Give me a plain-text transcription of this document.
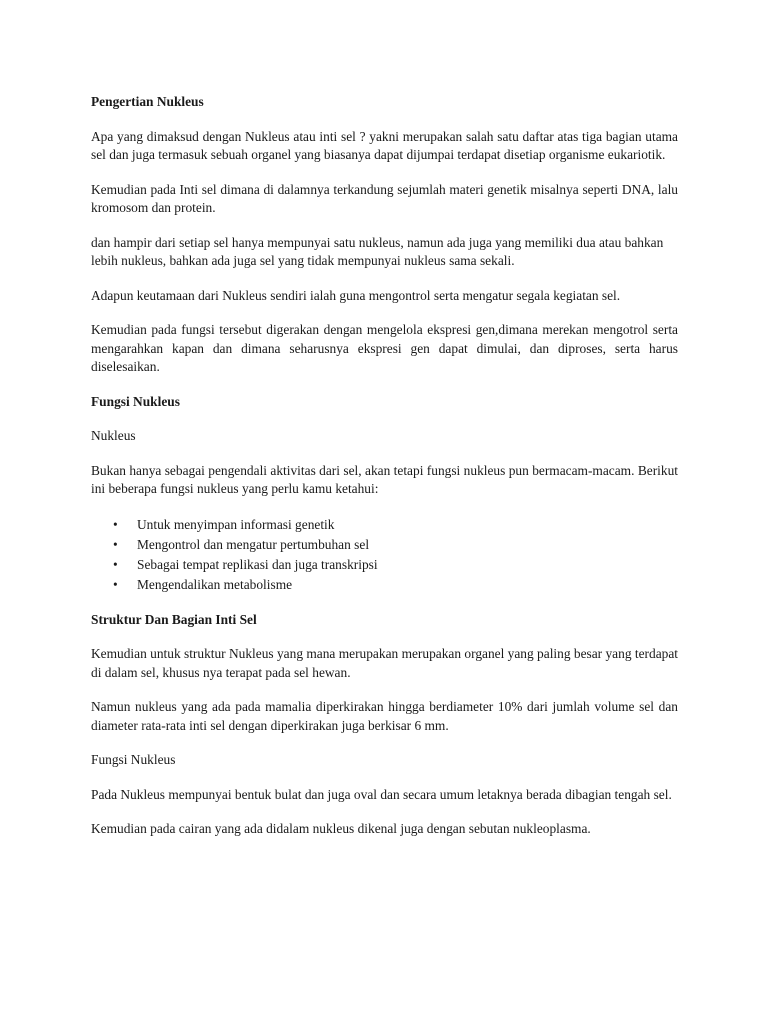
Pengertian Nukleus

Apa yang dimaksud dengan Nukleus atau inti sel ? yakni merupakan salah satu daftar atas tiga bagian utama sel dan juga termasuk sebuah organel yang biasanya dapat dijumpai terdapat disetiap organisme eukariotik.

Kemudian pada Inti sel dimana di dalamnya terkandung sejumlah materi genetik misalnya seperti DNA, lalu kromosom dan protein.

dan hampir dari setiap sel hanya mempunyai satu nukleus, namun ada juga yang memiliki dua atau bahkan lebih nukleus, bahkan ada juga sel yang tidak mempunyai nukleus sama sekali.

Adapun keutamaan dari Nukleus sendiri ialah guna mengontrol serta mengatur segala kegiatan sel.

Kemudian pada fungsi tersebut digerakan dengan mengelola ekspresi gen,dimana merekan mengotrol serta mengarahkan kapan dan dimana seharusnya ekspresi gen dapat dimulai, dan diproses, serta harus diselesaikan.

Fungsi Nukleus

Nukleus

Bukan hanya sebagai pengendali aktivitas dari sel, akan tetapi fungsi nukleus pun bermacam-macam. Berikut ini beberapa fungsi nukleus yang perlu kamu ketahui:

• Untuk menyimpan informasi genetik
• Mengontrol dan mengatur pertumbuhan sel
• Sebagai tempat replikasi dan juga transkripsi
• Mengendalikan metabolisme
Struktur Dan Bagian Inti Sel

Kemudian untuk struktur Nukleus yang mana merupakan merupakan organel yang paling besar yang terdapat di dalam sel, khusus nya terapat pada sel hewan.

Namun nukleus yang ada pada mamalia diperkirakan hingga berdiameter 10% dari jumlah volume sel dan diameter rata-rata inti sel dengan diperkirakan juga berkisar 6 mm.

Fungsi Nukleus

Pada Nukleus mempunyai bentuk bulat dan juga oval dan secara umum letaknya berada dibagian tengah sel.

Kemudian pada cairan yang ada didalam nukleus dikenal juga dengan sebutan nukleoplasma.
